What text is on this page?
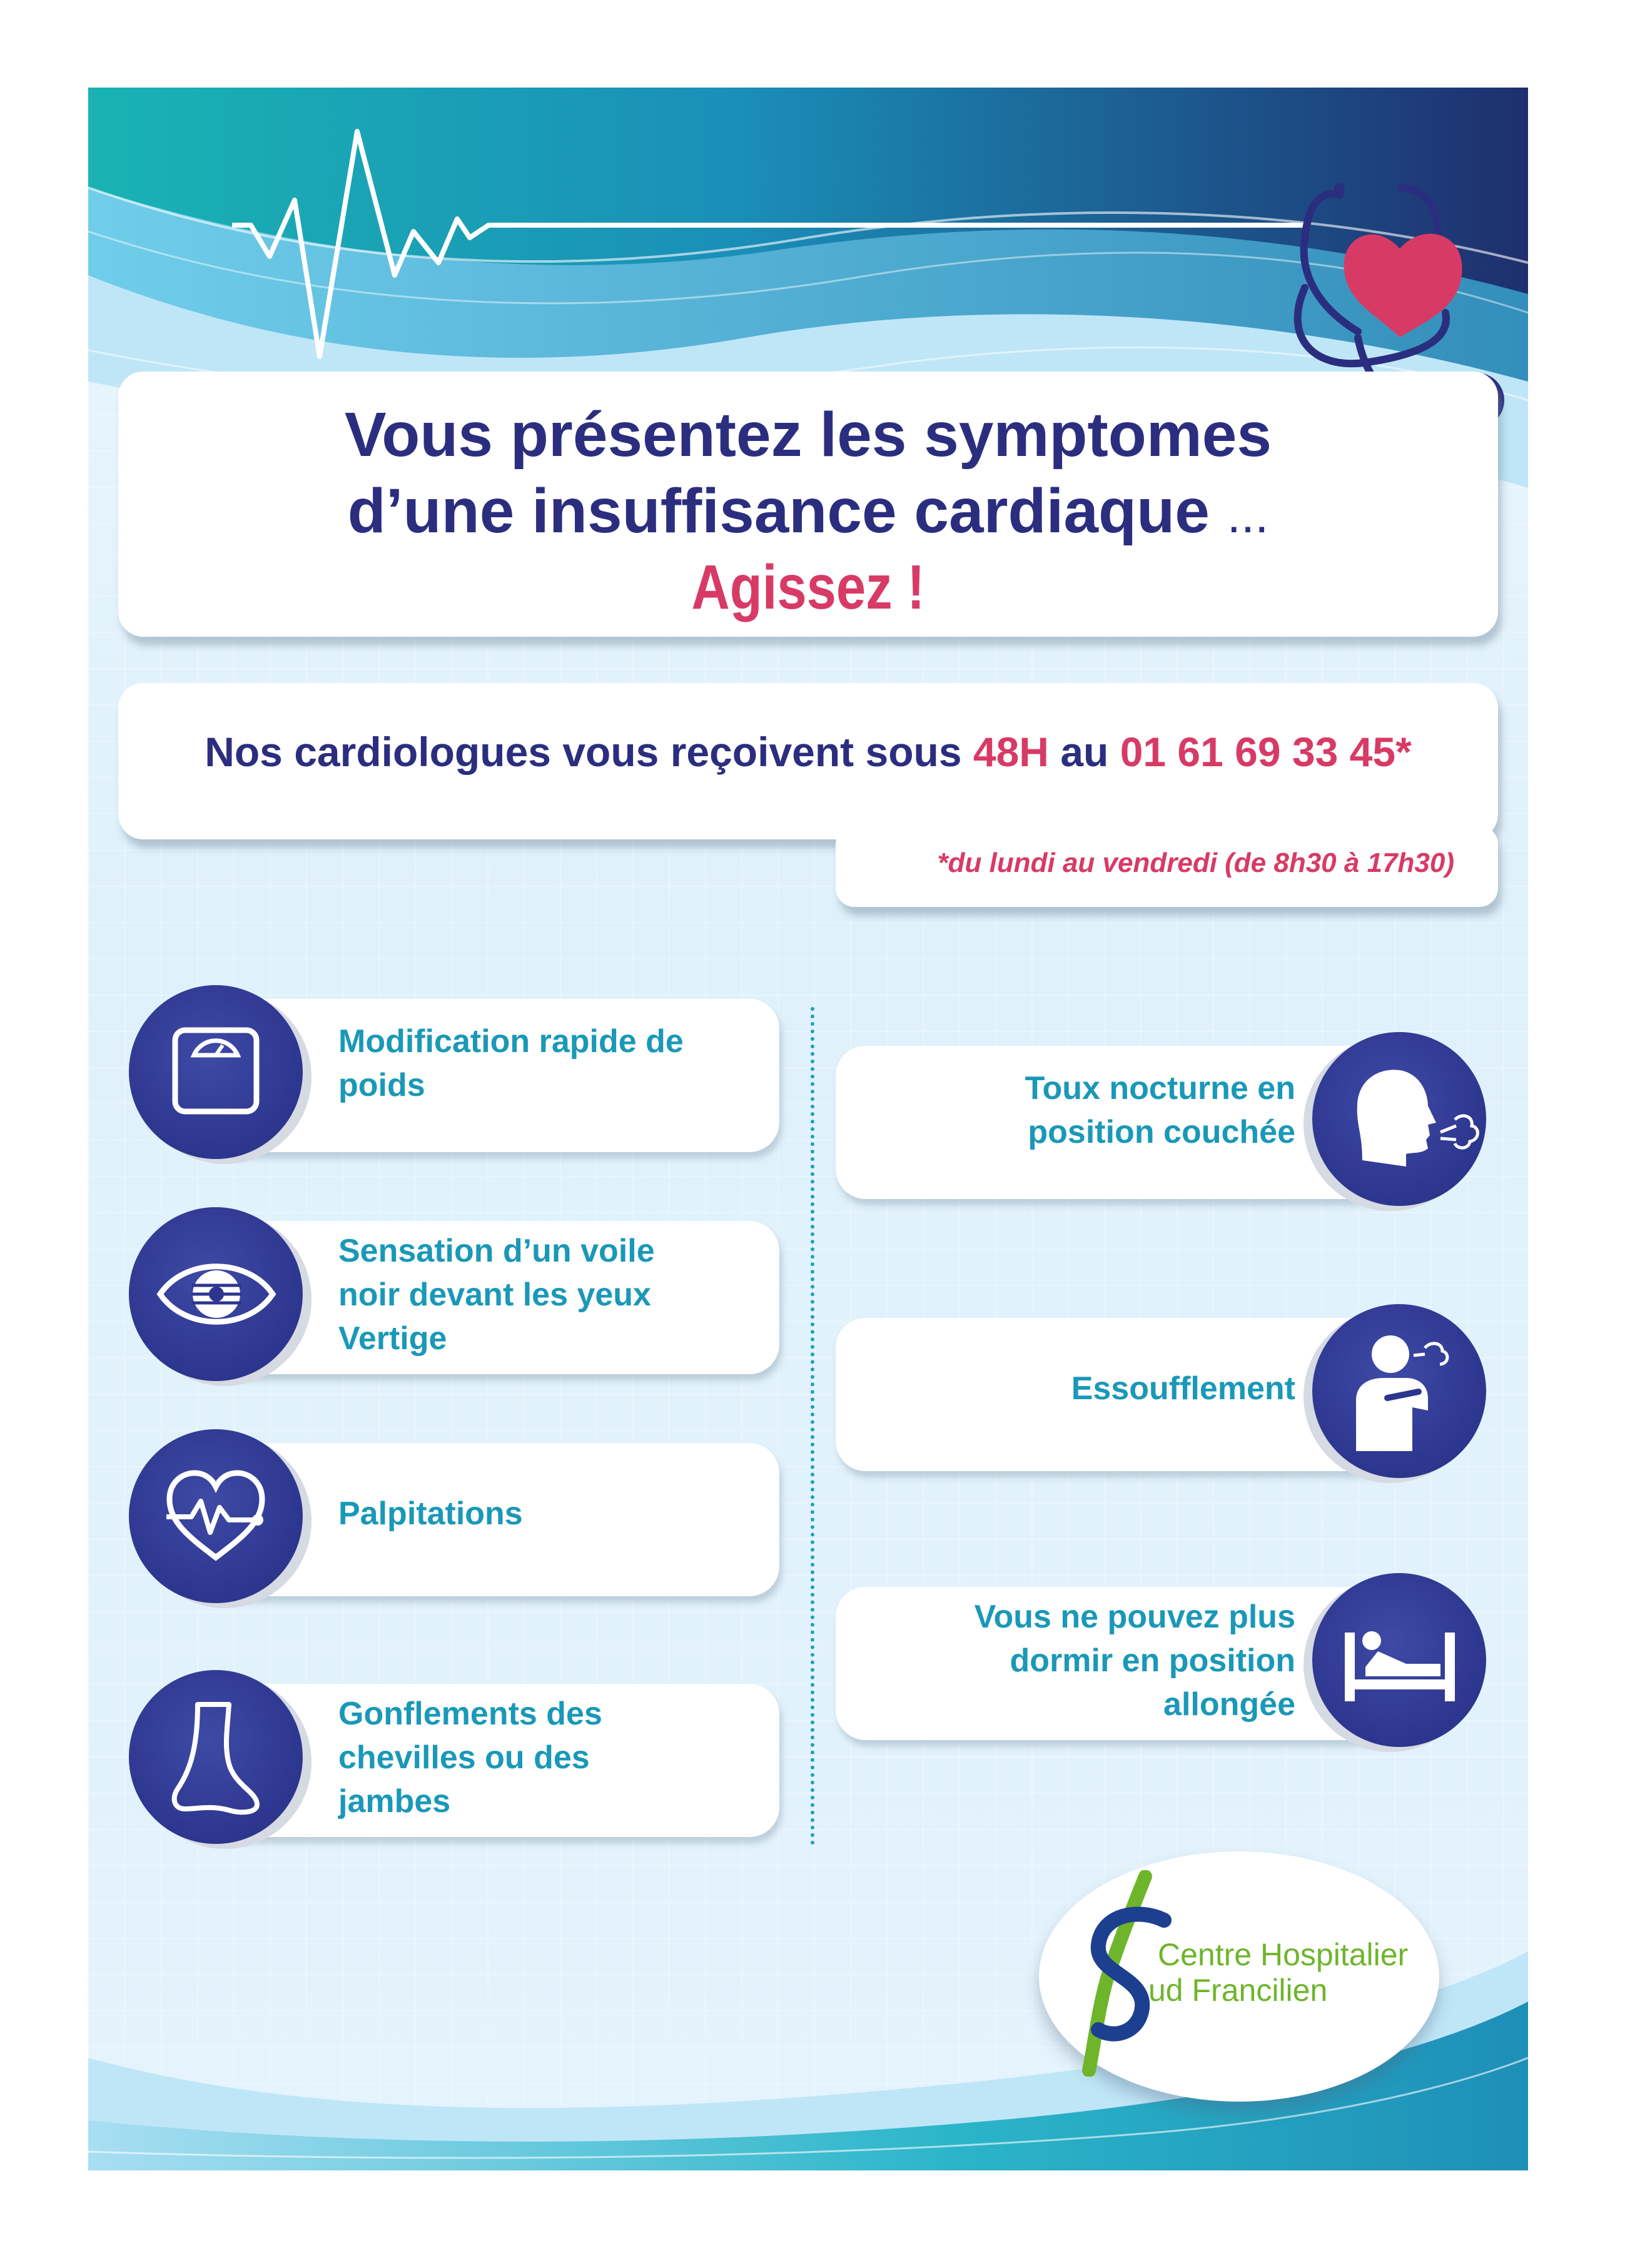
Vous présentez les symptomes
d’une insuffisance cardiaque ...
Agissez !
Nos cardiologues vous reçoivent sous 48H au 01 61 69 33 45*
*du lundi au vendredi (de 8h30 à 17h30)
Modification rapide de
poids
Sensation d’un voile
noir devant les yeux
Vertige
Palpitations
Gonflements des
chevilles ou des
jambes
Toux nocturne en
position couchée
Essoufflement
Vous ne pouvez plus
dormir en position
allongée
Centre Hospitalier
ud Francilien
